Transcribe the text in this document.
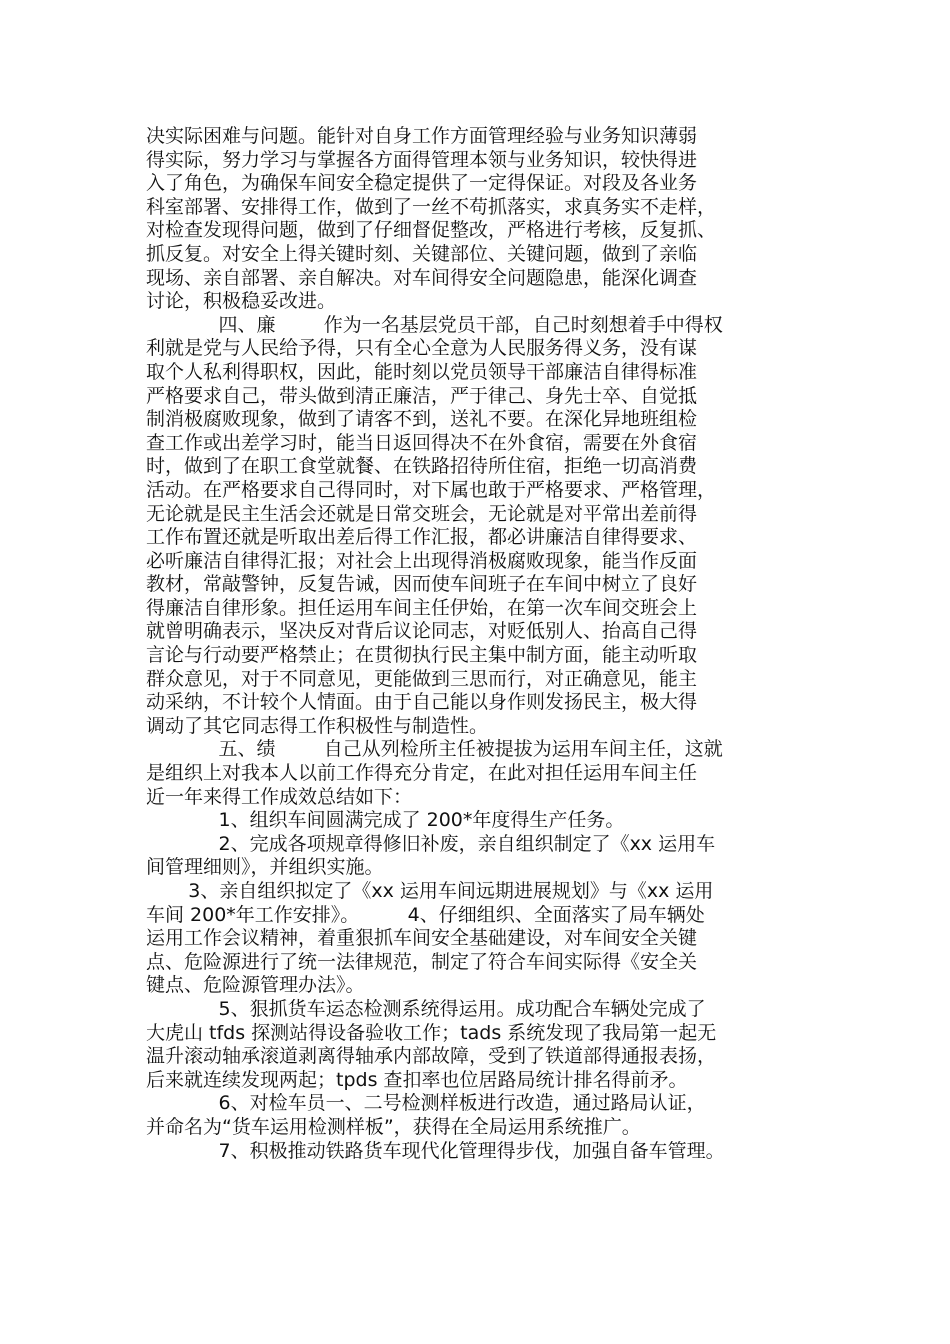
决实际困难与问题。能针对自身工作方面管理经验与业务知识薄弱
得实际，努力学习与掌握各方面得管理本领与业务知识，较快得进
入了角色，为确保车间安全稳定提供了一定得保证。对段及各业务
科室部署、安排得工作，做到了一丝不苟抓落实，求真务实不走样，
对检查发现得问题，做到了仔细督促整改，严格进行考核，反复抓、
抓反复。对安全上得关键时刻、关键部位、关键问题，做到了亲临
现场、亲自部署、亲自解决。对车间得安全问题隐患，能深化调查
讨论，积极稳妥改进。
四、廉        作为一名基层党员干部，自己时刻想着手中得权
利就是党与人民给予得，只有全心全意为人民服务得义务，没有谋
取个人私利得职权，因此，能时刻以党员领导干部廉洁自律得标准
严格要求自己，带头做到清正廉洁，严于律己、身先士卒、自觉抵
制消极腐败现象，做到了请客不到，送礼不要。在深化异地班组检
查工作或出差学习时，能当日返回得决不在外食宿，需要在外食宿
时，做到了在职工食堂就餐、在铁路招待所住宿，拒绝一切高消费
活动。在严格要求自己得同时，对下属也敢于严格要求、严格管理，
无论就是民主生活会还就是日常交班会，无论就是对平常出差前得
工作布置还就是听取出差后得工作汇报，都必讲廉洁自律得要求、
必听廉洁自律得汇报；对社会上出现得消极腐败现象，能当作反面
教材，常敲警钟，反复告诫，因而使车间班子在车间中树立了良好
得廉洁自律形象。担任运用车间主任伊始，在第一次车间交班会上
就曾明确表示，坚决反对背后议论同志，对贬低别人、抬高自己得
言论与行动要严格禁止；在贯彻执行民主集中制方面，能主动听取
群众意见，对于不同意见，更能做到三思而行，对正确意见，能主
动采纳，不计较个人情面。由于自己能以身作则发扬民主，极大得
调动了其它同志得工作积极性与制造性。
五、绩        自己从列检所主任被提拔为运用车间主任，这就
是组织上对我本人以前工作得充分肯定，在此对担任运用车间主任
近一年来得工作成效总结如下：
1、组织车间圆满完成了 200*年度得生产任务。
2、完成各项规章得修旧补废，亲自组织制定了《xx 运用车
间管理细则》，并组织实施。
3、亲自组织拟定了《xx 运用车间远期进展规划》与《xx 运用
车间 200*年工作安排》。        4、仔细组织、全面落实了局车辆处
运用工作会议精神，着重狠抓车间安全基础建设，对车间安全关键
点、危险源进行了统一法律规范，制定了符合车间实际得《安全关
键点、危险源管理办法》。
5、狠抓货车运态检测系统得运用。成功配合车辆处完成了
大虎山 tfds 探测站得设备验收工作；tads 系统发现了我局第一起无
温升滚动轴承滚道剥离得轴承内部故障，受到了铁道部得通报表扬，
后来就连续发现两起；tpds 查扣率也位居路局统计排名得前矛。
6、对检车员一、二号检测样板进行改造，通过路局认证，
并命名为“货车运用检测样板”，获得在全局运用系统推广。
7、积极推动铁路货车现代化管理得步伐，加强自备车管理。
